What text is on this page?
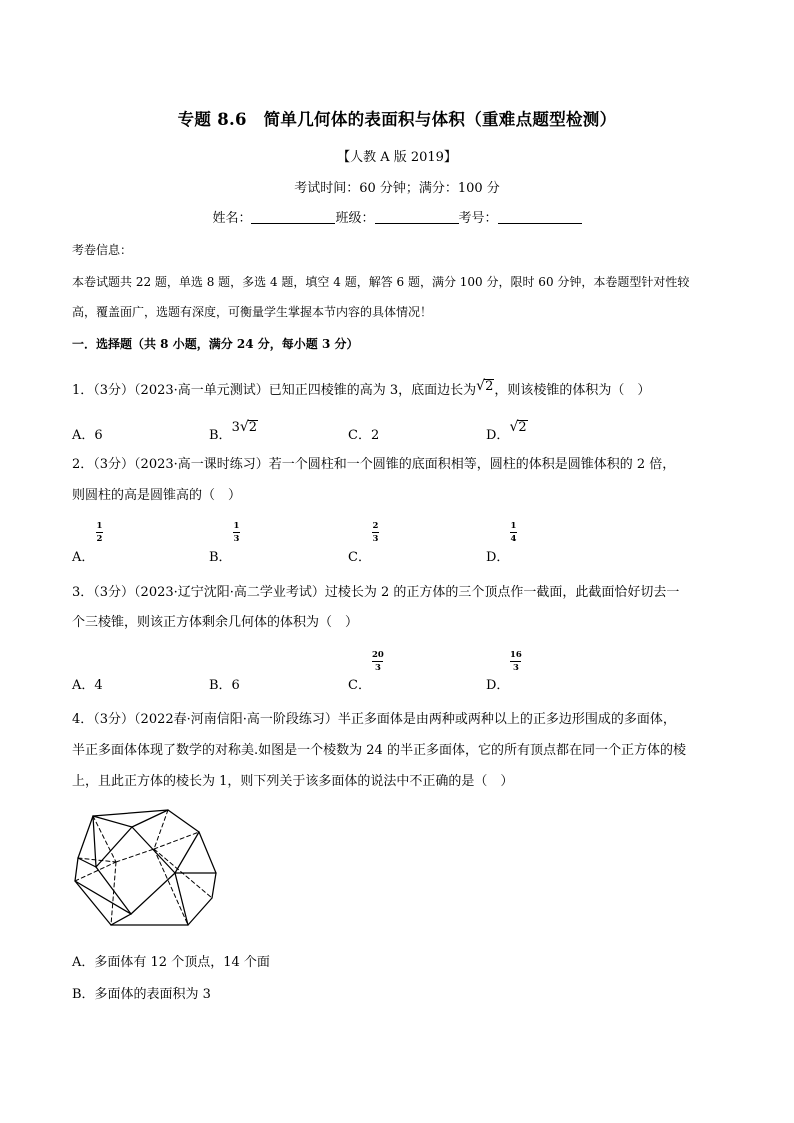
专题 8.6　简单几何体的表面积与体积（重难点题型检测）
【人教 A 版 2019】
考试时间：60 分钟；满分：100 分
姓名：	班级：	考号：
考卷信息：
本卷试题共 22 题，单选 8 题，多选 4 题，填空 4 题，解答 6 题，满分 100 分，限时 60 分钟，本卷题型针对性较
高，覆盖面广，选题有深度，可衡量学生掌握本节内容的具体情况！
一．选择题（共 8 小题，满分 24 分，每小题 3 分）
1．（3分）（2023·高一单元测试）已知正四棱锥的高为 3，底面边长为 √ 2 ，则该棱锥的体积为（　）
A．6	B．3 √ 2
C．2	D．
√ 2
2．（3分）（2023·高一课时练习）若一个圆柱和一个圆锥的底面积相等，圆柱的体积是圆锥体积的 2 倍，
则圆柱的高是圆锥高的（　）
$\frac{1}{2}$
A．
$\frac{1}{3}$
B．
$\frac{2}{3}$
C．
$\frac{1}{4}$
D．
3．（3分）（2023·辽宁沈阳·高二学业考试）过棱长为 2 的正方体的三个顶点作一截面，此截面恰好切去一
个三棱锥，则该正方体剩余几何体的体积为（　）
A．4	B．6
$\frac{20}{3}$
C．
$\frac{16}{3}$
D．
4．（3分）（2022春·河南信阳·高一阶段练习）半正多面体是由两种或两种以上的正多边形围成的多面体，
半正多面体体现了数学的对称美.如图是一个棱数为 24 的半正多面体，它的所有顶点都在同一个正方体的棱
上，且此正方体的棱长为 1，则下列关于该多面体的说法中不正确的是（　）
A．多面体有 12 个顶点，14 个面
B．多面体的表面积为 3
